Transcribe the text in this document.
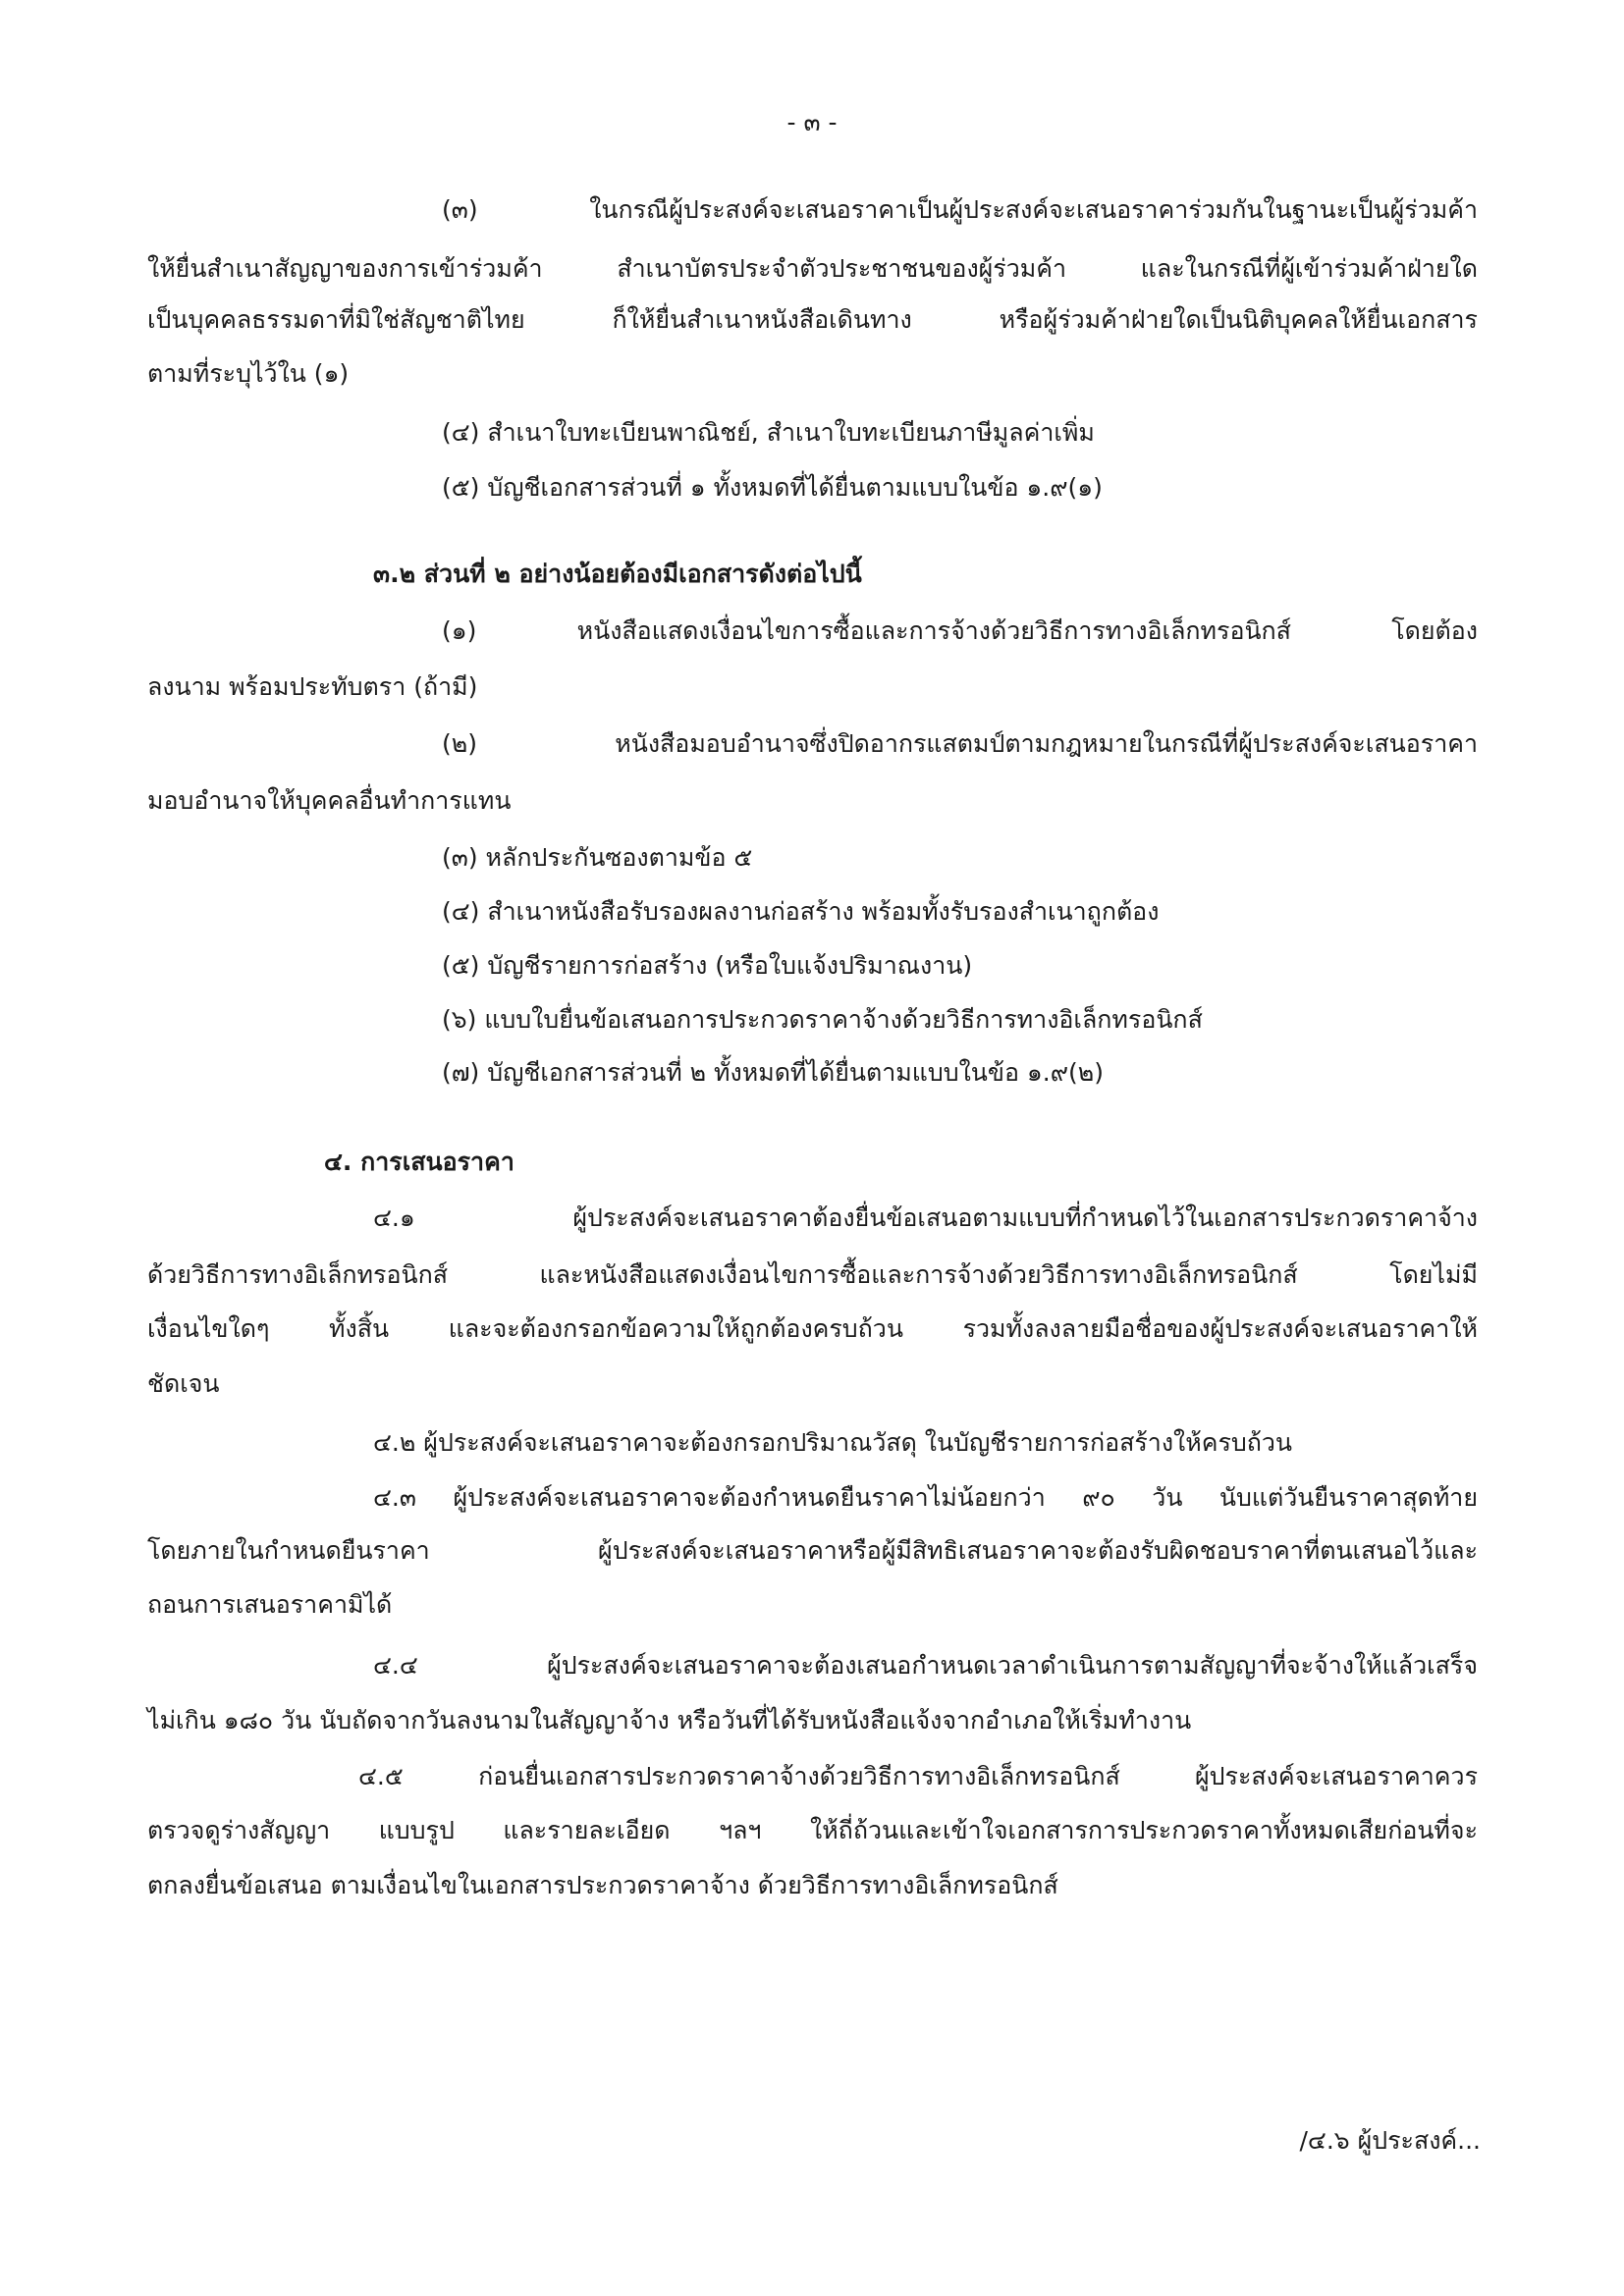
- ๓ -
(๓) ในกรณีผู้ประสงค์จะเสนอราคาเป็นผู้ประสงค์จะเสนอราคาร่วมกันในฐานะเป็นผู้ร่วมค้า
ให้ยื่นสำเนาสัญญาของการเข้าร่วมค้า สำเนาบัตรประจำตัวประชาชนของผู้ร่วมค้า และในกรณีที่ผู้เข้าร่วมค้าฝ่ายใด
เป็นบุคคลธรรมดาที่มิใช่สัญชาติไทย ก็ให้ยื่นสำเนาหนังสือเดินทาง หรือผู้ร่วมค้าฝ่ายใดเป็นนิติบุคคลให้ยื่นเอกสาร
ตามที่ระบุไว้ใน (๑)
(๔) สำเนาใบทะเบียนพาณิชย์, สำเนาใบทะเบียนภาษีมูลค่าเพิ่ม
(๕) บัญชีเอกสารส่วนที่ ๑ ทั้งหมดที่ได้ยื่นตามแบบในข้อ ๑.๙(๑)
๓.๒ ส่วนที่ ๒ อย่างน้อยต้องมีเอกสารดังต่อไปนี้
(๑) หนังสือแสดงเงื่อนไขการซื้อและการจ้างด้วยวิธีการทางอิเล็กทรอนิกส์ โดยต้อง
ลงนาม พร้อมประทับตรา (ถ้ามี)
(๒) หนังสือมอบอำนาจซึ่งปิดอากรแสตมป์ตามกฎหมายในกรณีที่ผู้ประสงค์จะเสนอราคา
มอบอำนาจให้บุคคลอื่นทำการแทน
(๓) หลักประกันซองตามข้อ ๕
(๔) สำเนาหนังสือรับรองผลงานก่อสร้าง พร้อมทั้งรับรองสำเนาถูกต้อง
(๕) บัญชีรายการก่อสร้าง (หรือใบแจ้งปริมาณงาน)
(๖) แบบใบยื่นข้อเสนอการประกวดราคาจ้างด้วยวิธีการทางอิเล็กทรอนิกส์
(๗) บัญชีเอกสารส่วนที่ ๒ ทั้งหมดที่ได้ยื่นตามแบบในข้อ ๑.๙(๒)
๔. การเสนอราคา
๔.๑ ผู้ประสงค์จะเสนอราคาต้องยื่นข้อเสนอตามแบบที่กำหนดไว้ในเอกสารประกวดราคาจ้าง
ด้วยวิธีการทางอิเล็กทรอนิกส์ และหนังสือแสดงเงื่อนไขการซื้อและการจ้างด้วยวิธีการทางอิเล็กทรอนิกส์ โดยไม่มี
เงื่อนไขใดๆ ทั้งสิ้น และจะต้องกรอกข้อความให้ถูกต้องครบถ้วน รวมทั้งลงลายมือชื่อของผู้ประสงค์จะเสนอราคาให้
ชัดเจน
๔.๒ ผู้ประสงค์จะเสนอราคาจะต้องกรอกปริมาณวัสดุ ในบัญชีรายการก่อสร้างให้ครบถ้วน
๔.๓ ผู้ประสงค์จะเสนอราคาจะต้องกำหนดยืนราคาไม่น้อยกว่า ๙๐ วัน นับแต่วันยืนราคาสุดท้าย
โดยภายในกำหนดยืนราคา ผู้ประสงค์จะเสนอราคาหรือผู้มีสิทธิเสนอราคาจะต้องรับผิดชอบราคาที่ตนเสนอไว้และ
ถอนการเสนอราคามิได้
๔.๔ ผู้ประสงค์จะเสนอราคาจะต้องเสนอกำหนดเวลาดำเนินการตามสัญญาที่จะจ้างให้แล้วเสร็จ
ไม่เกิน ๑๘๐ วัน นับถัดจากวันลงนามในสัญญาจ้าง หรือวันที่ได้รับหนังสือแจ้งจากอำเภอให้เริ่มทำงาน
๔.๕ ก่อนยื่นเอกสารประกวดราคาจ้างด้วยวิธีการทางอิเล็กทรอนิกส์ ผู้ประสงค์จะเสนอราคาควร
ตรวจดูร่างสัญญา แบบรูป และรายละเอียด ฯลฯ ให้ถี่ถ้วนและเข้าใจเอกสารการประกวดราคาทั้งหมดเสียก่อนที่จะ
ตกลงยื่นข้อเสนอ ตามเงื่อนไขในเอกสารประกวดราคาจ้าง ด้วยวิธีการทางอิเล็กทรอนิกส์
/๔.๖ ผู้ประสงค์...
